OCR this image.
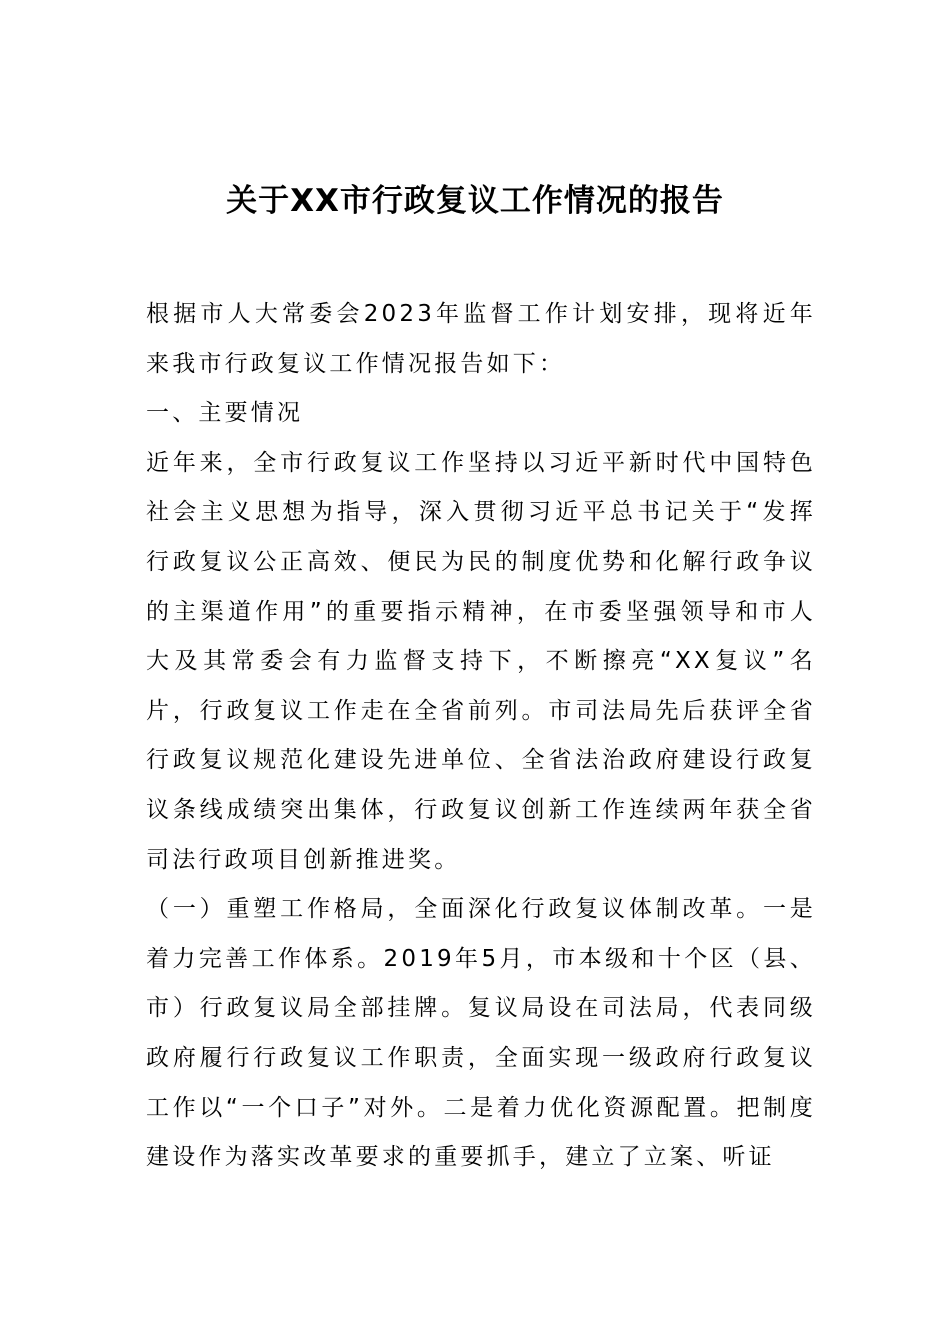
关于XX市行政复议工作情况的报告

根据市人大常委会2023年监督工作计划安排，现将近年来我市行政复议工作情况报告如下：

一、主要情况

近年来，全市行政复议工作坚持以习近平新时代中国特色社会主义思想为指导，深入贯彻习近平总书记关于“发挥行政复议公正高效、便民为民的制度优势和化解行政争议的主渠道作用”的重要指示精神，在市委坚强领导和市人大及其常委会有力监督支持下，不断擦亮“XX复议”名片，行政复议工作走在全省前列。市司法局先后获评全省行政复议规范化建设先进单位、全省法治政府建设行政复议条线成绩突出集体，行政复议创新工作连续两年获全省司法行政项目创新推进奖。

（一）重塑工作格局，全面深化行政复议体制改革。一是着力完善工作体系。2019年5月，市本级和十个区（县、市）行政复议局全部挂牌。复议局设在司法局，代表同级政府履行行政复议工作职责，全面实现一级政府行政复议工作以“一个口子”对外。二是着力优化资源配置。把制度建设作为落实改革要求的重要抓手，建立了立案、听证
